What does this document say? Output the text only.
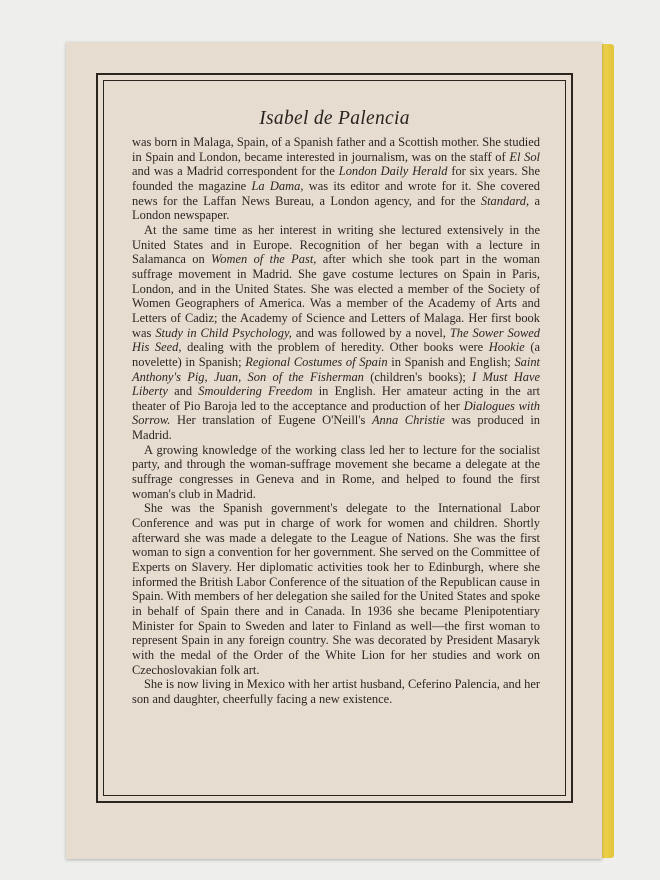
Isabel de Palencia

was born in Malaga, Spain, of a Spanish father and a Scottish mother. She studied in Spain and London, became interested in journalism, was on the staff of El Sol and was a Madrid correspondent for the London Daily Herald for six years. She founded the magazine La Dama, was its editor and wrote for it. She covered news for the Laffan News Bureau, a London agency, and for the Standard, a London newspaper.

At the same time as her interest in writing she lectured extensively in the United States and in Europe. Recognition of her began with a lecture in Salamanca on Women of the Past, after which she took part in the woman suffrage movement in Madrid. She gave costume lectures on Spain in Paris, London, and in the United States. She was elected a member of the Society of Women Geographers of America. Was a member of the Academy of Arts and Letters of Cadiz; the Academy of Science and Letters of Malaga. Her first book was Study in Child Psychology, and was followed by a novel, The Sower Sowed His Seed, dealing with the problem of heredity. Other books were Hookie (a novelette) in Spanish; Regional Costumes of Spain in Spanish and English; Saint Anthony's Pig, Juan, Son of the Fisherman (children's books); I Must Have Liberty and Smouldering Freedom in English. Her amateur acting in the art theater of Pio Baroja led to the acceptance and production of her Dialogues with Sorrow. Her translation of Eugene O'Neill's Anna Christie was produced in Madrid.

A growing knowledge of the working class led her to lecture for the socialist party, and through the woman-suffrage movement she became a delegate at the suffrage congresses in Geneva and in Rome, and helped to found the first woman's club in Madrid.

She was the Spanish government's delegate to the International Labor Conference and was put in charge of work for women and children. Shortly afterward she was made a delegate to the League of Nations. She was the first woman to sign a convention for her government. She served on the Committee of Experts on Slavery. Her diplomatic activities took her to Edinburgh, where she informed the British Labor Conference of the situation of the Republican cause in Spain. With members of her delegation she sailed for the United States and spoke in behalf of Spain there and in Canada. In 1936 she became Plenipotentiary Minister for Spain to Sweden and later to Finland as well—the first woman to represent Spain in any foreign country. She was decorated by President Masaryk with the medal of the Order of the White Lion for her studies and work on Czechoslovakian folk art.

She is now living in Mexico with her artist husband, Ceferino Palencia, and her son and daughter, cheerfully facing a new existence.
